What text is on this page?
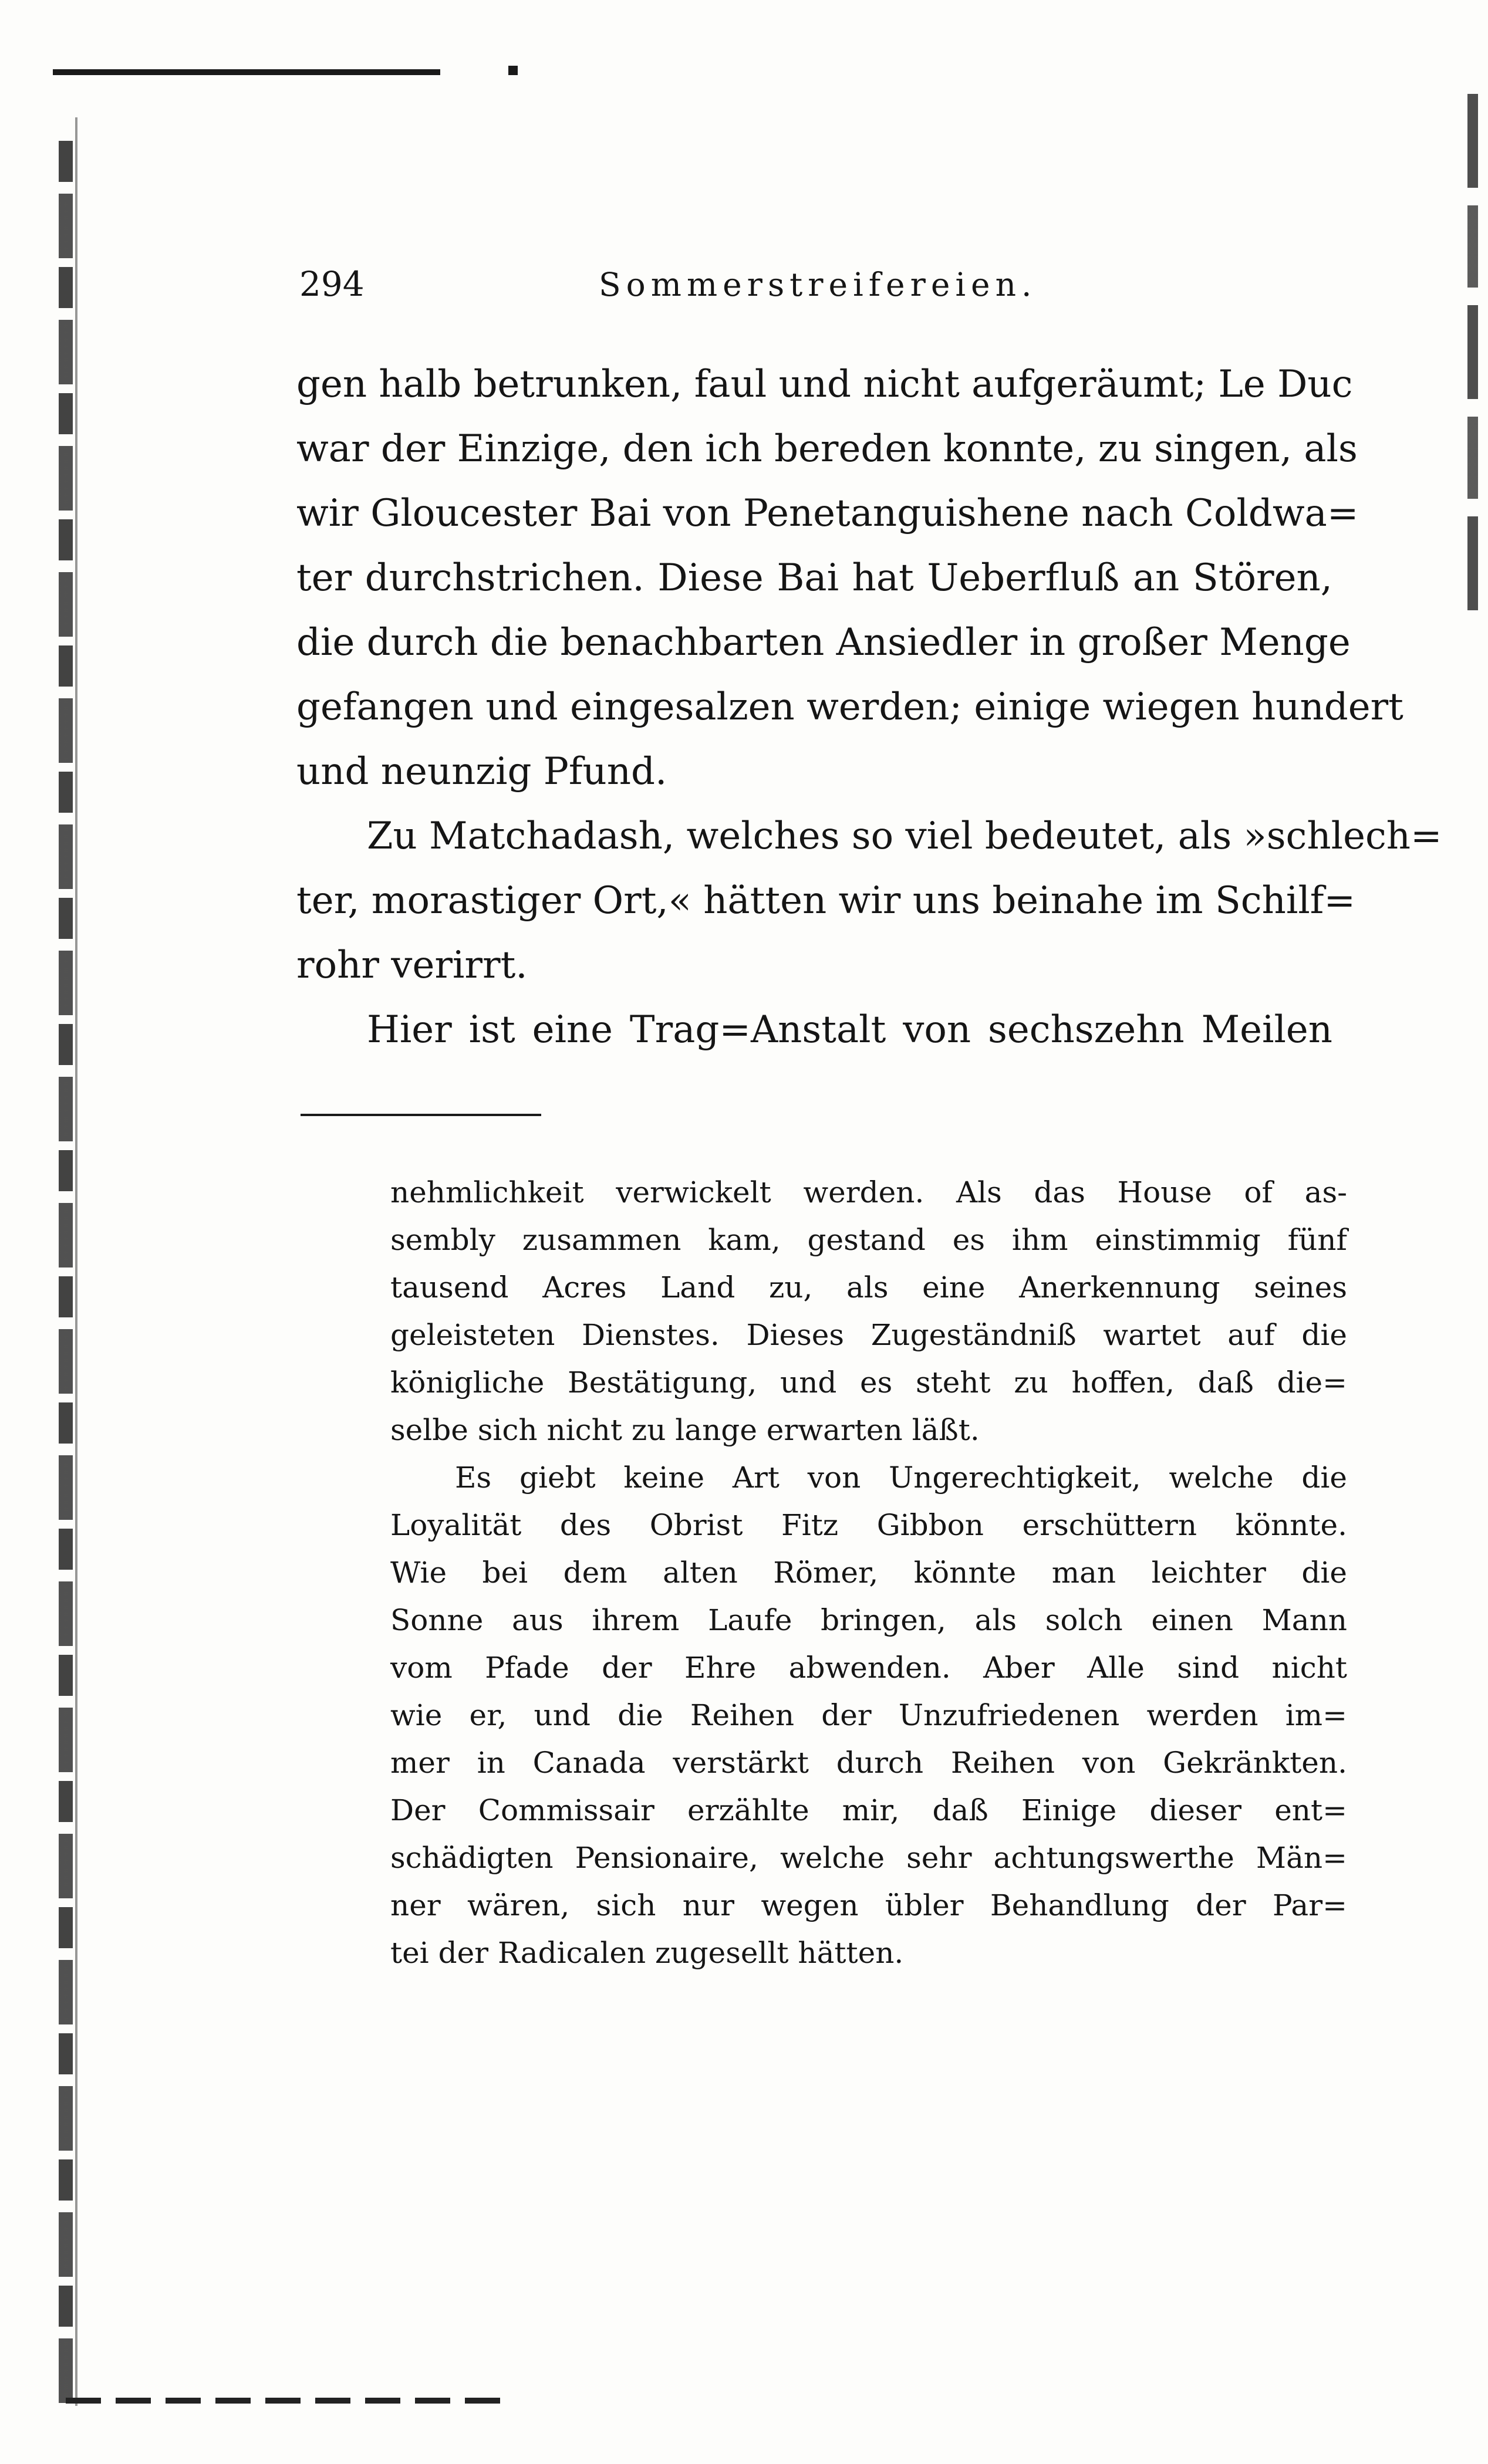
294	Sommerstreifereien.
gen halb betrunken, faul und nicht aufgeräumt; Le Duc
war der Einzige, den ich bereden konnte, zu singen, als
wir Gloucester Bai von Penetanguishene nach Coldwa=
ter durchstrichen. Diese Bai hat Ueberfluß an Stören,
die durch die benachbarten Ansiedler in großer Menge
gefangen und eingesalzen werden; einige wiegen hundert
und neunzig Pfund.
Zu Matchadash, welches so viel bedeutet, als »schlech=
ter, morastiger Ort,« hätten wir uns beinahe im Schilf=
rohr verirrt.
Hier ist eine Trag=Anstalt von sechszehn Meilen
nehmlichkeit verwickelt werden. Als das House of as-
sembly zusammen kam, gestand es ihm einstimmig fünf
tausend Acres Land zu, als eine Anerkennung seines
geleisteten Dienstes. Dieses Zugeständniß wartet auf die
königliche Bestätigung, und es steht zu hoffen, daß die=
selbe sich nicht zu lange erwarten läßt.
Es giebt keine Art von Ungerechtigkeit, welche die
Loyalität des Obrist Fitz Gibbon erschüttern könnte.
Wie bei dem alten Römer, könnte man leichter die
Sonne aus ihrem Laufe bringen, als solch einen Mann
vom Pfade der Ehre abwenden. Aber Alle sind nicht
wie er, und die Reihen der Unzufriedenen werden im=
mer in Canada verstärkt durch Reihen von Gekränkten.
Der Commissair erzählte mir, daß Einige dieser ent=
schädigten Pensionaire, welche sehr achtungswerthe Män=
ner wären, sich nur wegen übler Behandlung der Par=
tei der Radicalen zugesellt hätten.
